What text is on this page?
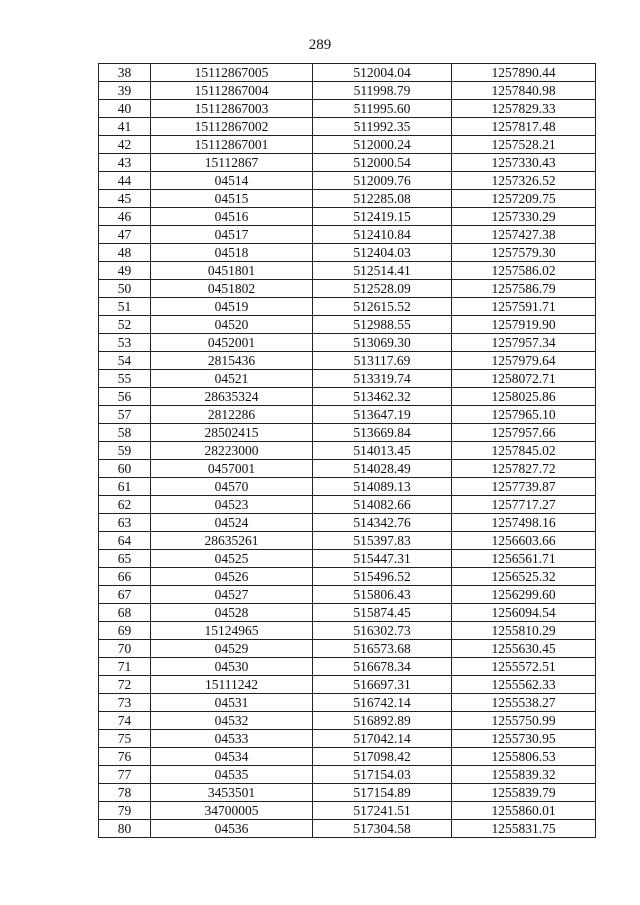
289
38	15112867005	512004.04	1257890.44
39	15112867004	511998.79	1257840.98
40	15112867003	511995.60	1257829.33
41	15112867002	511992.35	1257817.48
42	15112867001	512000.24	1257528.21
43	15112867	512000.54	1257330.43
44	04514	512009.76	1257326.52
45	04515	512285.08	1257209.75
46	04516	512419.15	1257330.29
47	04517	512410.84	1257427.38
48	04518	512404.03	1257579.30
49	0451801	512514.41	1257586.02
50	0451802	512528.09	1257586.79
51	04519	512615.52	1257591.71
52	04520	512988.55	1257919.90
53	0452001	513069.30	1257957.34
54	2815436	513117.69	1257979.64
55	04521	513319.74	1258072.71
56	28635324	513462.32	1258025.86
57	2812286	513647.19	1257965.10
58	28502415	513669.84	1257957.66
59	28223000	514013.45	1257845.02
60	0457001	514028.49	1257827.72
61	04570	514089.13	1257739.87
62	04523	514082.66	1257717.27
63	04524	514342.76	1257498.16
64	28635261	515397.83	1256603.66
65	04525	515447.31	1256561.71
66	04526	515496.52	1256525.32
67	04527	515806.43	1256299.60
68	04528	515874.45	1256094.54
69	15124965	516302.73	1255810.29
70	04529	516573.68	1255630.45
71	04530	516678.34	1255572.51
72	15111242	516697.31	1255562.33
73	04531	516742.14	1255538.27
74	04532	516892.89	1255750.99
75	04533	517042.14	1255730.95
76	04534	517098.42	1255806.53
77	04535	517154.03	1255839.32
78	3453501	517154.89	1255839.79
79	34700005	517241.51	1255860.01
80	04536	517304.58	1255831.75
